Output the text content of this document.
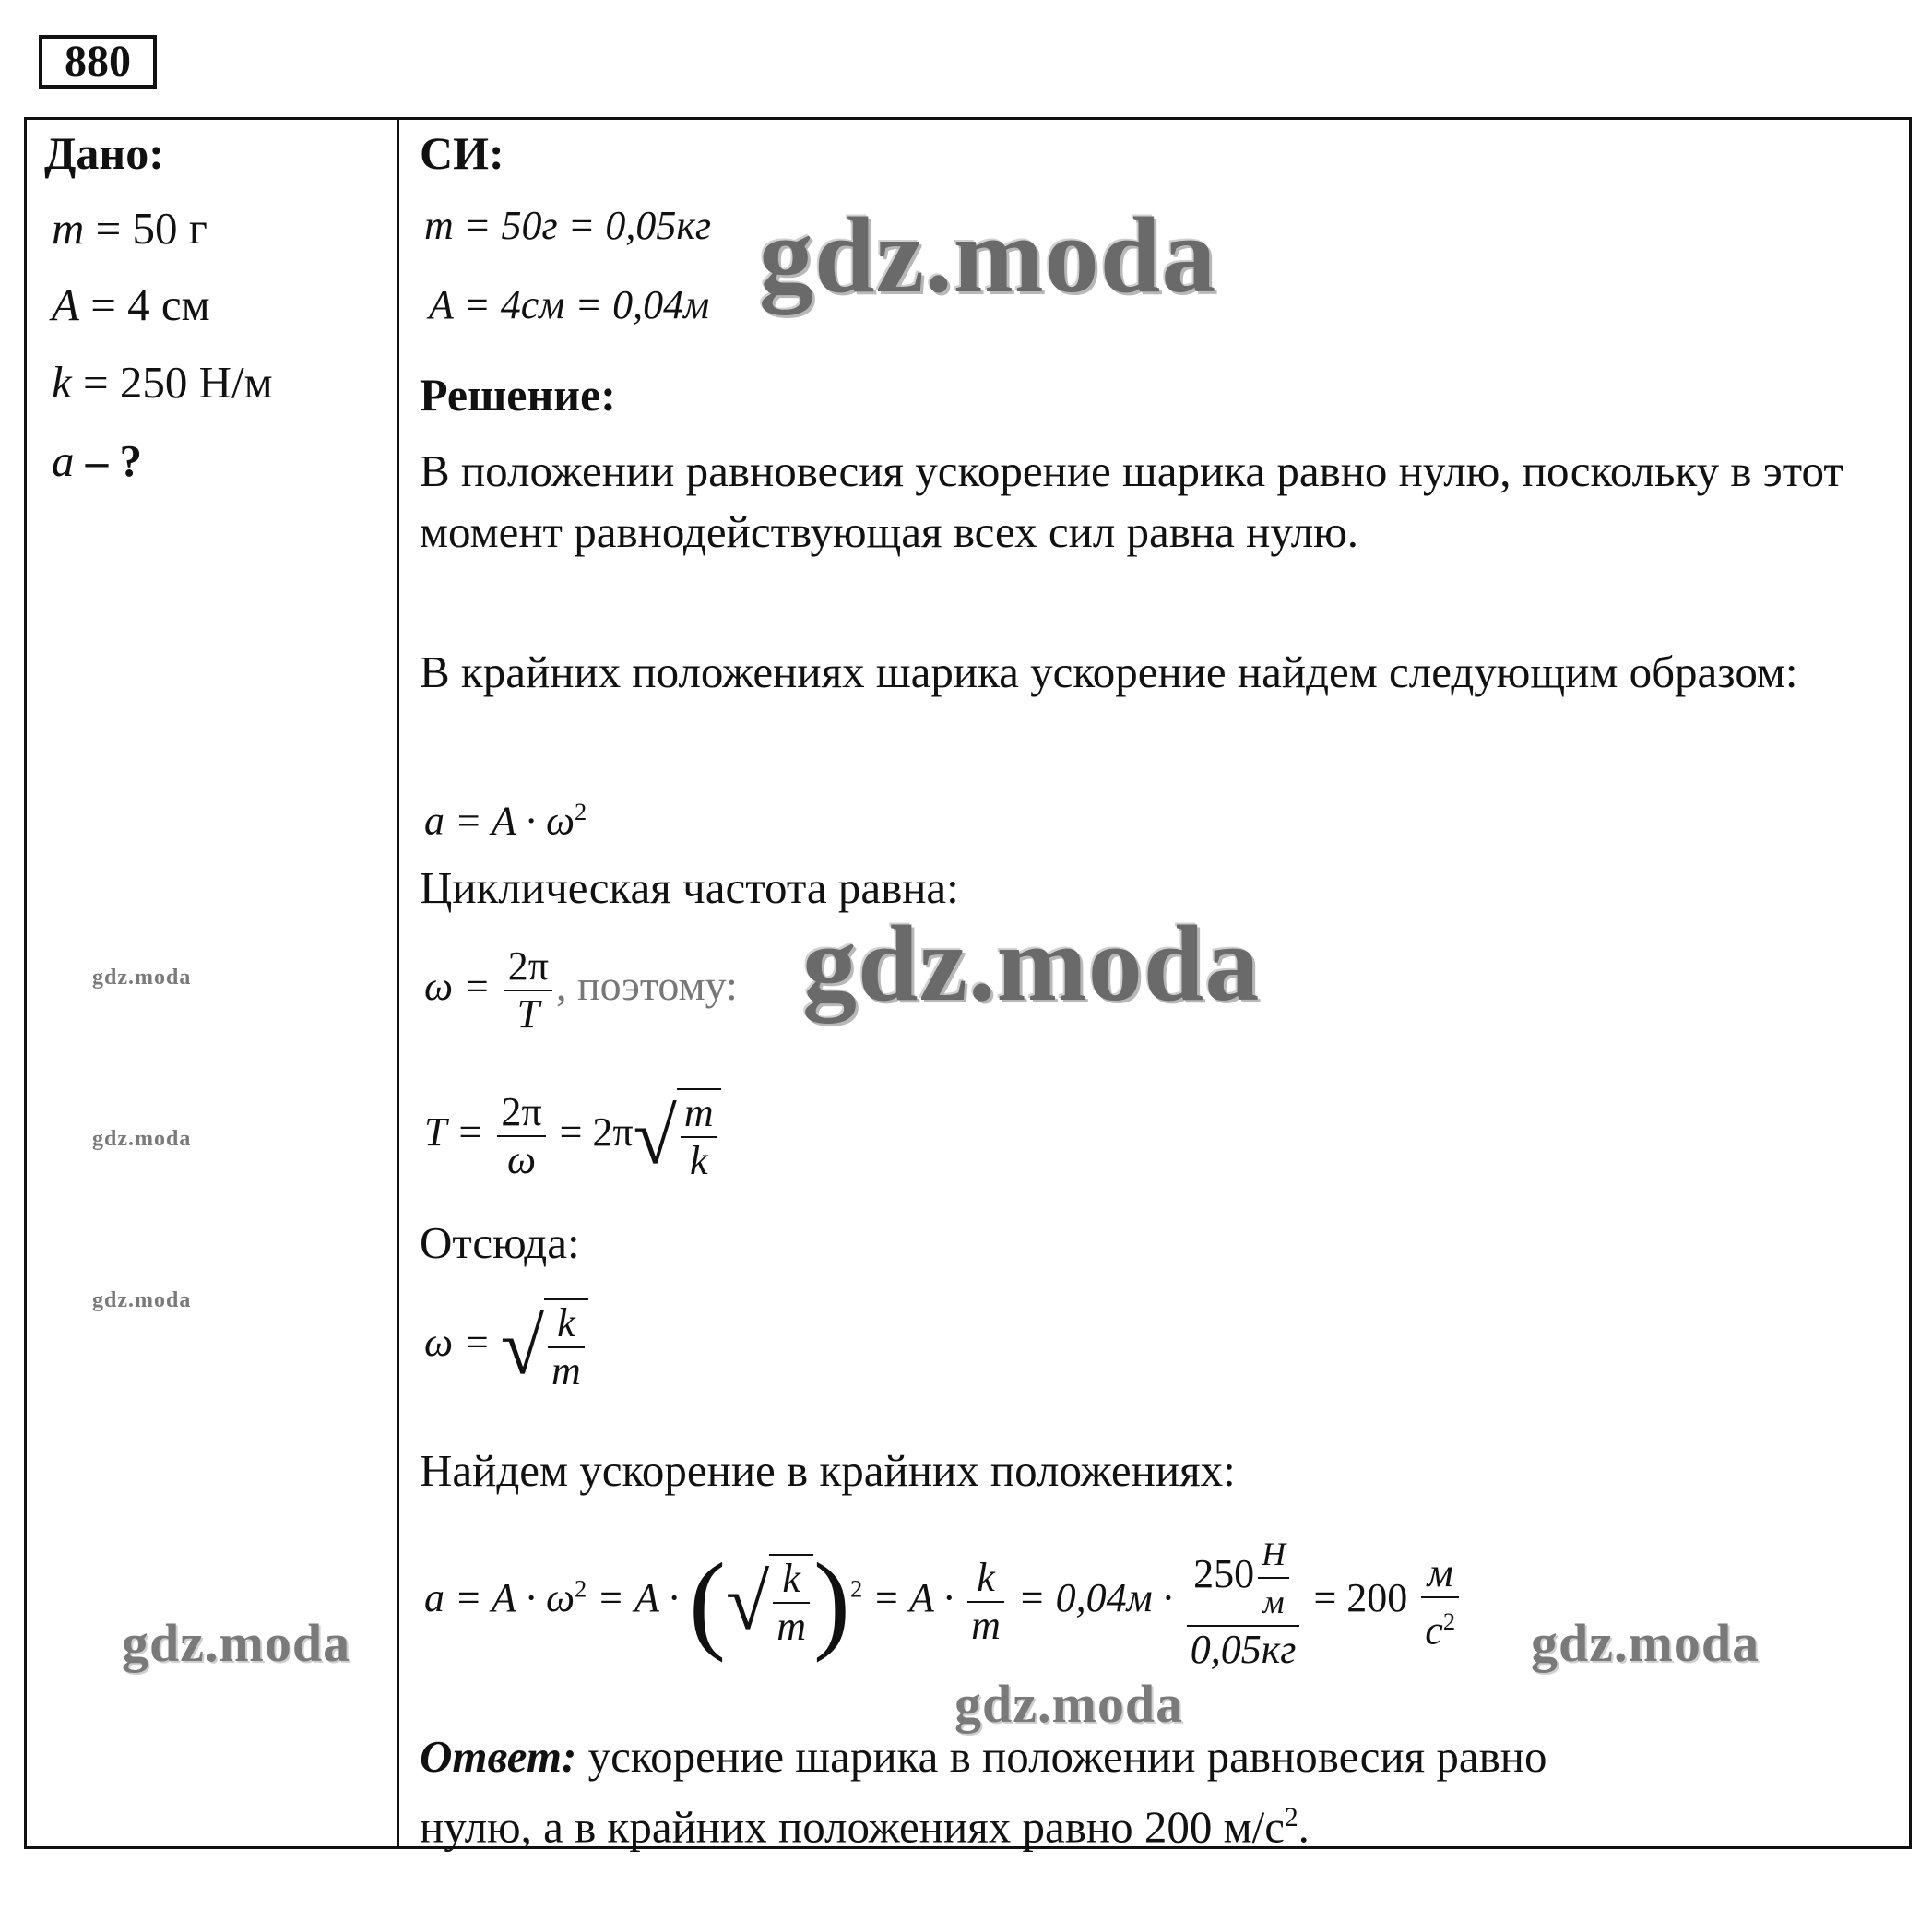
880
Дано:
m = 50 г
A = 4 см
k = 250 Н/м
a – ?
СИ:
m = 50г = 0,05кг
A = 4см = 0,04м
Решение:
В положении равновесия ускорение шарика равно нулю, поскольку в этот момент равнодействующая всех сил равна нулю.
В крайних положениях шарика ускорение найдем следующим образом:
$a = A \cdot \omega^2$
Циклическая частота равна:
$\omega = \frac{2\pi}{T}$ , поэтому:
$T = \frac{2\pi}{\omega} = 2\pi√ \frac{m}{k}$
Отсюда:
ω = √ $\frac{k}{m}$
Найдем ускорение в крайних положениях:
$a = A \cdot \omega^2 = A$ · (√ $\frac{k}{m} )^2 = A \cdot \frac{k}{m} = 0,04м \cdot \frac{250 \frac{Н}{м}}{0,05кг} = 200 \frac{м}{с^2}$
Ответ: ускорение шарика в положении равновесия равно
нулю, а в крайних положениях равно 200 $м/с^2$.
gdz.moda
gdz.moda
gdz.moda
gdz.moda
gdz.moda
gdz.moda	gdz.moda
gdz.moda
